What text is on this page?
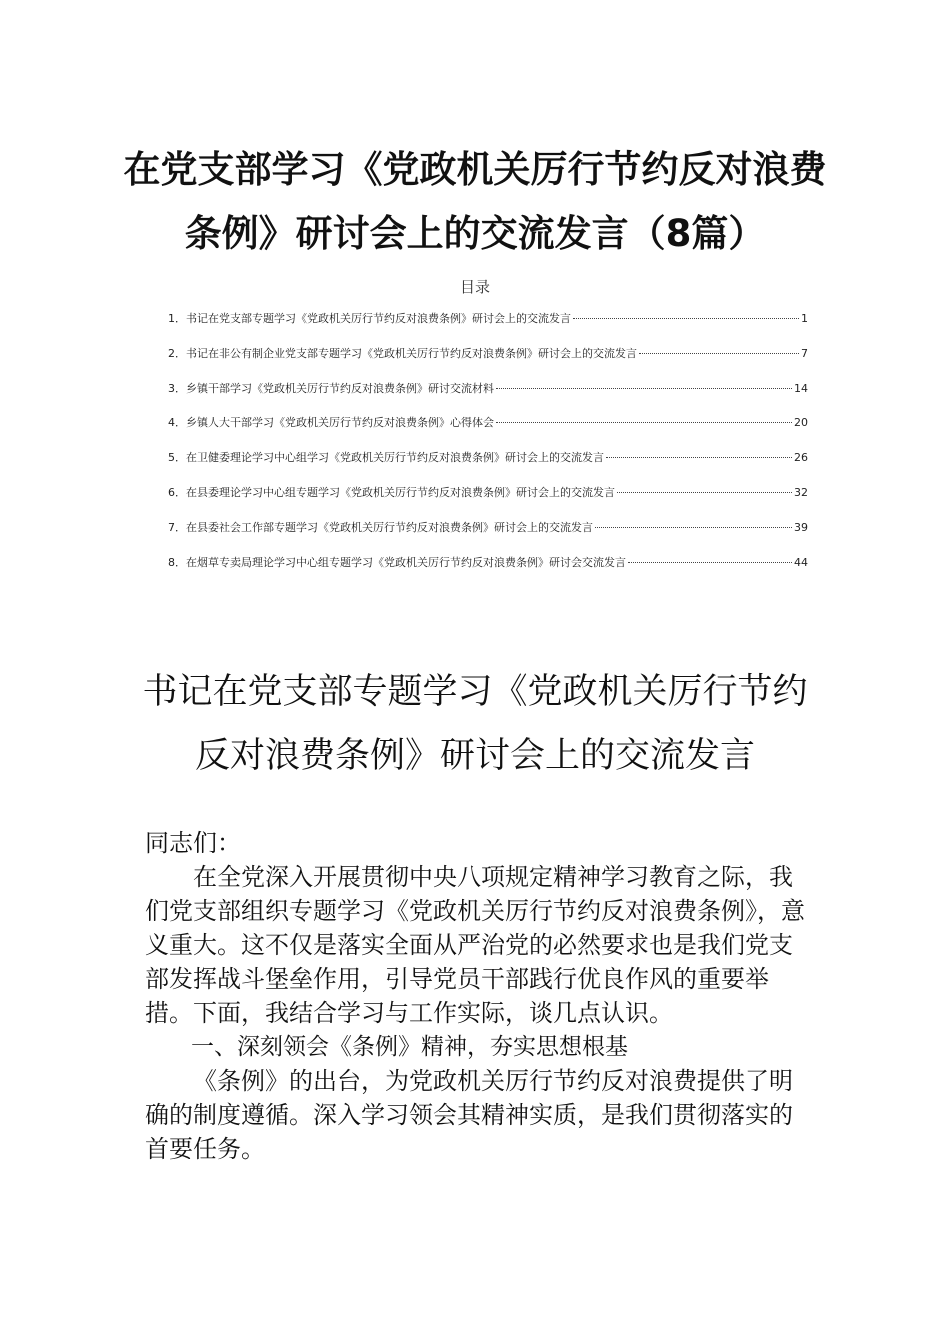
在党支部学习《党政机关厉行节约反对浪费条例》研讨会上的交流发言（8篇）
目录
1．书记在党支部专题学习《党政机关厉行节约反对浪费条例》研讨会上的交流发言	1
2．书记在非公有制企业党支部专题学习《党政机关厉行节约反对浪费条例》研讨会上的交流发言	7
3．乡镇干部学习《党政机关厉行节约反对浪费条例》研讨交流材料	14
4．乡镇人大干部学习《党政机关厉行节约反对浪费条例》心得体会	20
5．在卫健委理论学习中心组学习《党政机关厉行节约反对浪费条例》研讨会上的交流发言	26
6．在县委理论学习中心组专题学习《党政机关厉行节约反对浪费条例》研讨会上的交流发言	32
7．在县委社会工作部专题学习《党政机关厉行节约反对浪费条例》研讨会上的交流发言	39
8．在烟草专卖局理论学习中心组专题学习《党政机关厉行节约反对浪费条例》研讨会交流发言	44
书记在党支部专题学习《党政机关厉行节约反对浪费条例》研讨会上的交流发言

同志们：

在全党深入开展贯彻中央八项规定精神学习教育之际，我们党支部组织专题学习《党政机关厉行节约反对浪费条例》，意义重大。这不仅是落实全面从严治党的必然要求也是我们党支部发挥战斗堡垒作用，引导党员干部践行优良作风的重要举措。下面，我结合学习与工作实际，谈几点认识。

一、深刻领会《条例》精神，夯实思想根基

《条例》的出台，为党政机关厉行节约反对浪费提供了明确的制度遵循。深入学习领会其精神实质，是我们贯彻落实的首要任务。
